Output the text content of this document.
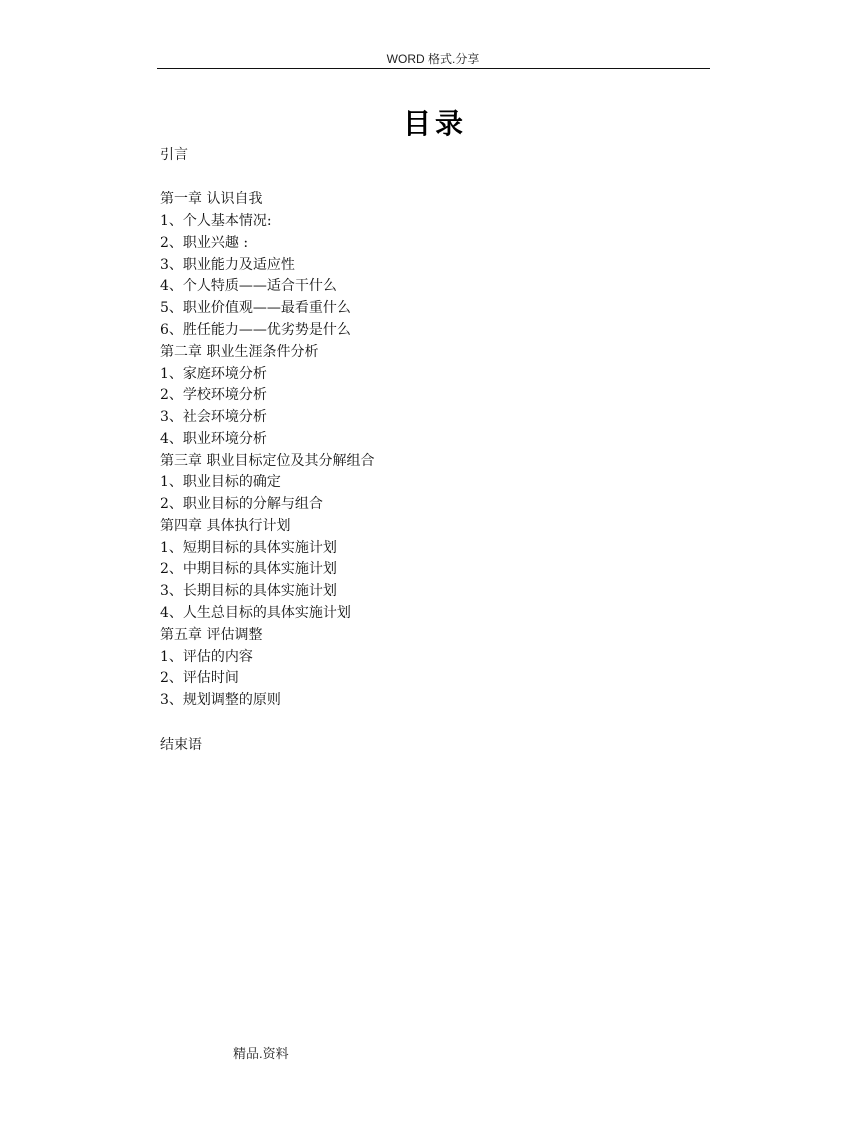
WORD 格式.分享
目录
引言
第一章 认识自我
1、个人基本情况:
2、职业兴趣 :
3、职业能力及适应性
4、个人特质——适合干什么
5、职业价值观——最看重什么
6、胜任能力——优劣势是什么
第二章 职业生涯条件分析
1、家庭环境分析
2、学校环境分析
3、社会环境分析
4、职业环境分析
第三章 职业目标定位及其分解组合
1、职业目标的确定
2、职业目标的分解与组合
第四章 具体执行计划
1、短期目标的具体实施计划
2、中期目标的具体实施计划
3、长期目标的具体实施计划
4、人生总目标的具体实施计划
第五章 评估调整
1、评估的内容
2、评估时间
3、规划调整的原则
结束语
精品.资料
